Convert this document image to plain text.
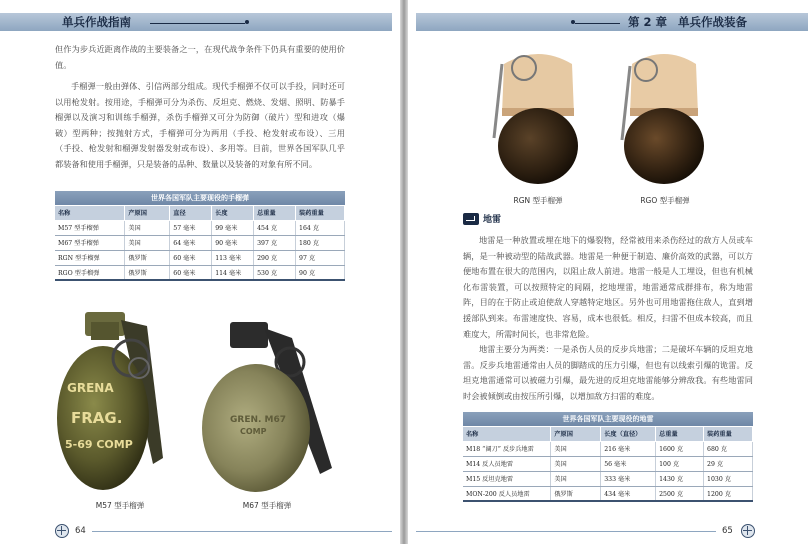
单兵作战指南

但作为步兵近距离作战的主要装备之一，在现代战争条件下仍具有重要的使用价值。

手榴弹一般由弹体、引信两部分组成。现代手榴弹不仅可以手投，同时还可以用枪发射。按用途，手榴弹可分为杀伤、反坦克、燃烧、发烟、照明、防暴手榴弹以及演习和训练手榴弹，杀伤手榴弹又可分为防御（破片）型和进攻（爆破）型两种；按抛射方式，手榴弹可分为两用（手投、枪发射或布设）、三用（手投、枪发射和榴弹发射器发射或布设）、多用等。目前，世界各国军队几乎都装备和使用手榴弹，只是装备的品种、数量以及装备的对象有所不同。

世界各国军队主要现役的手榴弹
名称	产原国	直径	长度	总重量	装药重量
M57 型手榴弹	美国	57 毫米	99 毫米	454 克	164 克
M67 型手榴弹	美国	64 毫米	90 毫米	397 克	180 克
RGN 型手榴弹	俄罗斯	60 毫米	113 毫米	290 克	97 克
RGO 型手榴弹	俄罗斯	60 毫米	114 毫米	530 克	90 克
GRENA
FRAG.
5-69 COMP
M57 型手榴弹
GREN. M67
COMP
M67 型手榴弹
64
第 2 章 单兵作战装备
RGN 型手榴弹	RGO 型手榴弹
地雷

地雷是一种放置或埋在地下的爆裂物，经常被用来杀伤经过的敌方人员或车辆，是一种被动型的陆战武器。地雷是一种便于制造、廉价高效的武器，可以方便地布置在很大的范围内，以阻止敌人前进。地雷一般是人工埋设，但也有机械化布雷装置，可以按照特定的间隔，挖地埋雷，地雷通常成群排布，称为地雷阵，目的在于防止或迫使敌人穿越特定地区。另外也可用地雷拖住敌人，直到增援部队到来。布雷速度快、容易，成本也很低。相反，扫雷不但成本较高，而且难度大，所需时间长，也非常危险。

地雷主要分为两类：一是杀伤人员的反步兵地雷；二是破坏车辆的反坦克地雷。反步兵地雷通常由人员的脚踏成的压力引爆，但也有以线索引爆的诡雷。反坦克地雷通常可以被磁力引爆，最先进的反坦克地雷能够分辨敌我。有些地雷同时会被倾倒或由按压所引爆，以增加敌方扫雷的难度。

世界各国军队主要现役的地雷
名称	产原国	长度（直径）	总重量	装药重量
M18 “阔刀” 反步兵地雷	美国	216 毫米	1600 克	680 克
M14 反人员地雷	美国	56 毫米	100 克	29 克
M15 反坦克地雷	美国	333 毫米	1430 克	1030 克
MON-200 反人员地雷	俄罗斯	434 毫米	2500 克	1200 克
65
